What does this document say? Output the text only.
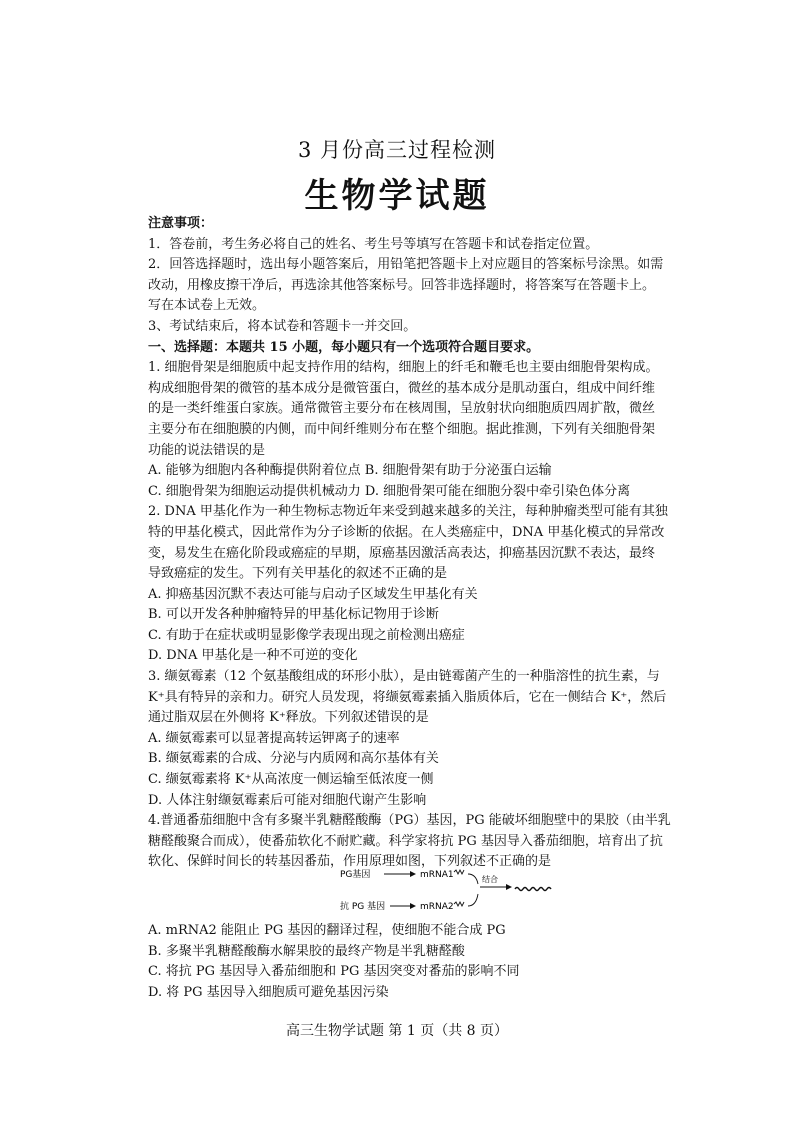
3 月份高三过程检测
生物学试题
注意事项：
1．答卷前，考生务必将自己的姓名、考生号等填写在答题卡和试卷指定位置。
2．回答选择题时，选出每小题答案后，用铅笔把答题卡上对应题目的答案标号涂黑。如需
改动，用橡皮擦干净后，再选涂其他答案标号。回答非选择题时，将答案写在答题卡上。
写在本试卷上无效。
3、考试结束后，将本试卷和答题卡一并交回。
一、选择题：本题共 15 小题，每小题只有一个选项符合题目要求。
1. 细胞骨架是细胞质中起支持作用的结构，细胞上的纤毛和鞭毛也主要由细胞骨架构成。
构成细胞骨架的微管的基本成分是微管蛋白，微丝的基本成分是肌动蛋白，组成中间纤维
的是一类纤维蛋白家族。通常微管主要分布在核周围，呈放射状向细胞质四周扩散，微丝
主要分布在细胞膜的内侧，而中间纤维则分布在整个细胞。据此推测，下列有关细胞骨架
功能的说法错误的是
A. 能够为细胞内各种酶提供附着位点 B. 细胞骨架有助于分泌蛋白运输
C. 细胞骨架为细胞运动提供机械动力 D. 细胞骨架可能在细胞分裂中牵引染色体分离
2. DNA 甲基化作为一种生物标志物近年来受到越来越多的关注，每种肿瘤类型可能有其独
特的甲基化模式，因此常作为分子诊断的依据。在人类癌症中，DNA 甲基化模式的异常改
变，易发生在癌化阶段或癌症的早期，原癌基因激活高表达，抑癌基因沉默不表达，最终
导致癌症的发生。下列有关甲基化的叙述不正确的是
A. 抑癌基因沉默不表达可能与启动子区域发生甲基化有关
B. 可以开发各种肿瘤特异的甲基化标记物用于诊断
C. 有助于在症状或明显影像学表现出现之前检测出癌症
D. DNA 甲基化是一种不可逆的变化
3. 缬氨霉素（12 个氨基酸组成的环形小肽），是由链霉菌产生的一种脂溶性的抗生素，与
K⁺具有特异的亲和力。研究人员发现，将缬氨霉素插入脂质体后，它在一侧结合 K⁺，然后
通过脂双层在外侧将 K⁺释放。下列叙述错误的是
A. 缬氨霉素可以显著提高转运钾离子的速率
B. 缬氨霉素的合成、分泌与内质网和高尔基体有关
C. 缬氨霉素将 K⁺从高浓度一侧运输至低浓度一侧
D. 人体注射缬氨霉素后可能对细胞代谢产生影响
4.普通番茄细胞中含有多聚半乳糖醛酸酶（PG）基因，PG 能破坏细胞壁中的果胶（由半乳
糖醛酸聚合而成），使番茄软化不耐贮藏。科学家将抗 PG 基因导入番茄细胞，培育出了抗
软化、保鲜时间长的转基因番茄，作用原理如图，下列叙述不正确的是
PG基因	mRNA1	结合
抗 PG 基因	mRNA2
A. mRNA2 能阻止 PG 基因的翻译过程，使细胞不能合成 PG
B. 多聚半乳糖醛酸酶水解果胶的最终产物是半乳糖醛酸
C. 将抗 PG 基因导入番茄细胞和 PG 基因突变对番茄的影响不同
D. 将 PG 基因导入细胞质可避免基因污染
高三生物学试题 第 1 页（共 8 页）
